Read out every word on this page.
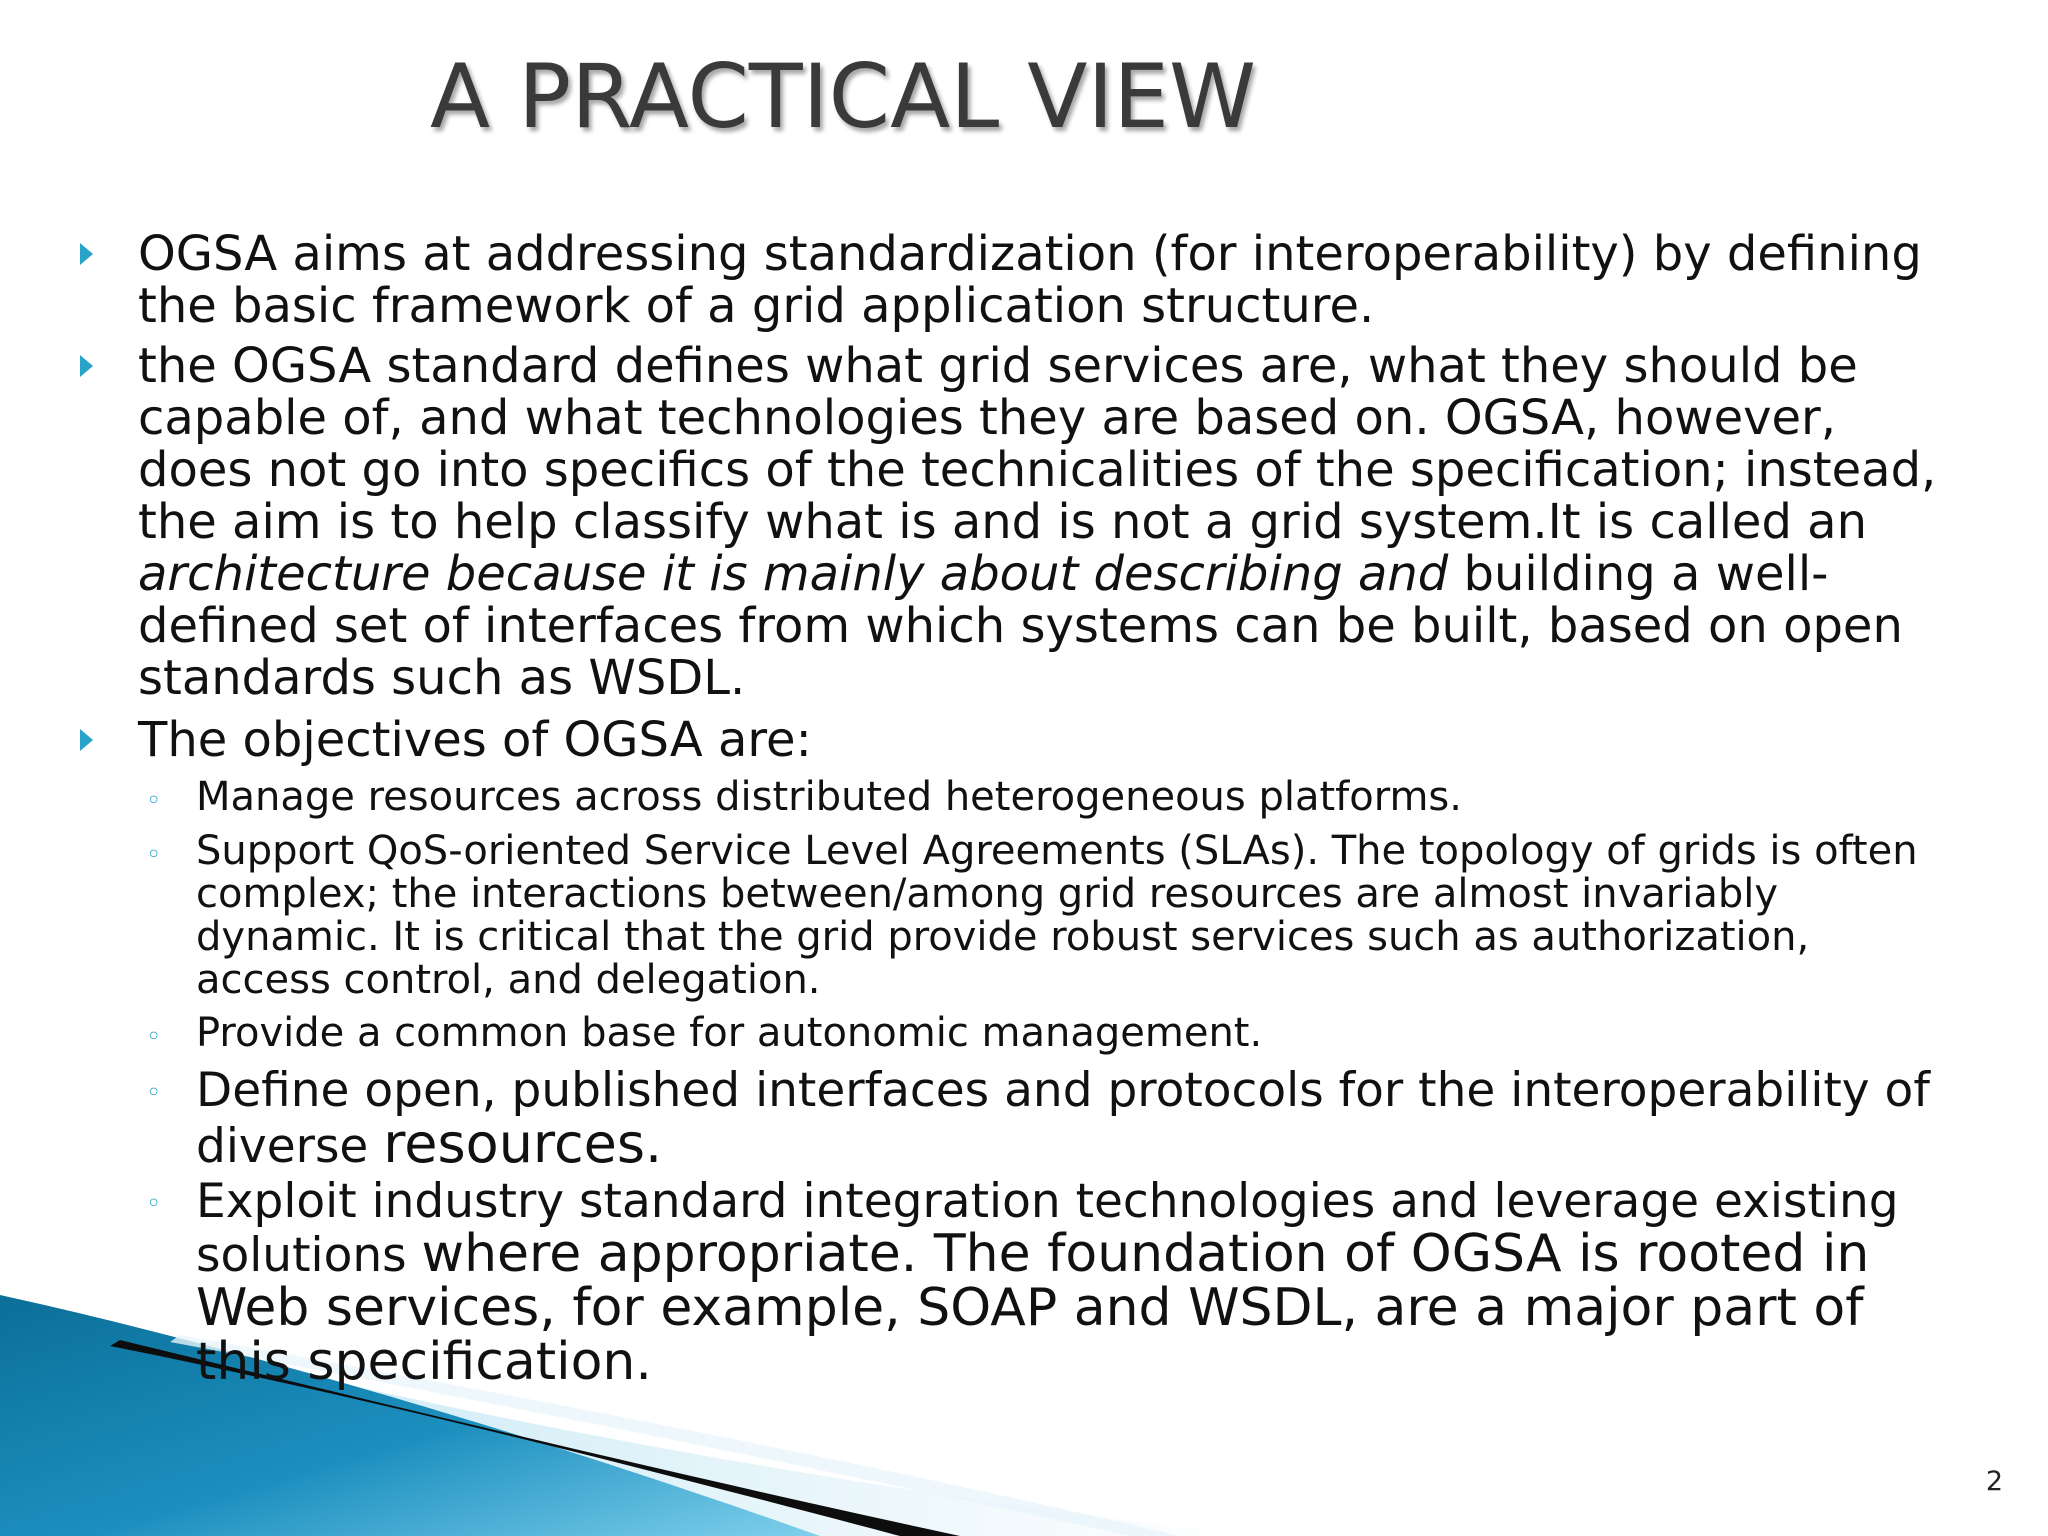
A PRACTICAL VIEW
OGSA aims at addressing standardization (for interoperability) by defining the basic framework of a grid application structure.
the OGSA standard defines what grid services are, what they should be capable of, and what technologies they are based on. OGSA, however, does not go into specifics of the technicalities of the specification; instead, the aim is to help classify what is and is not a grid system.It is called an architecture because it is mainly about describing and building a well-defined set of interfaces from which systems can be built, based on open standards such as WSDL.
The objectives of OGSA are:
◦ Manage resources across distributed heterogeneous platforms.
◦ Support QoS-oriented Service Level Agreements (SLAs). The topology of grids is often complex; the interactions between/among grid resources are almost invariably dynamic. It is critical that the grid provide robust services such as authorization, access control, and delegation.
◦ Provide a common base for autonomic management.
◦ Define open, published interfaces and protocols for the interoperability of diverse resources.
◦ Exploit industry standard integration technologies and leverage existing solutions where appropriate. The foundation of OGSA is rooted in Web services, for example, SOAP and WSDL, are a major part of this specification.
2
